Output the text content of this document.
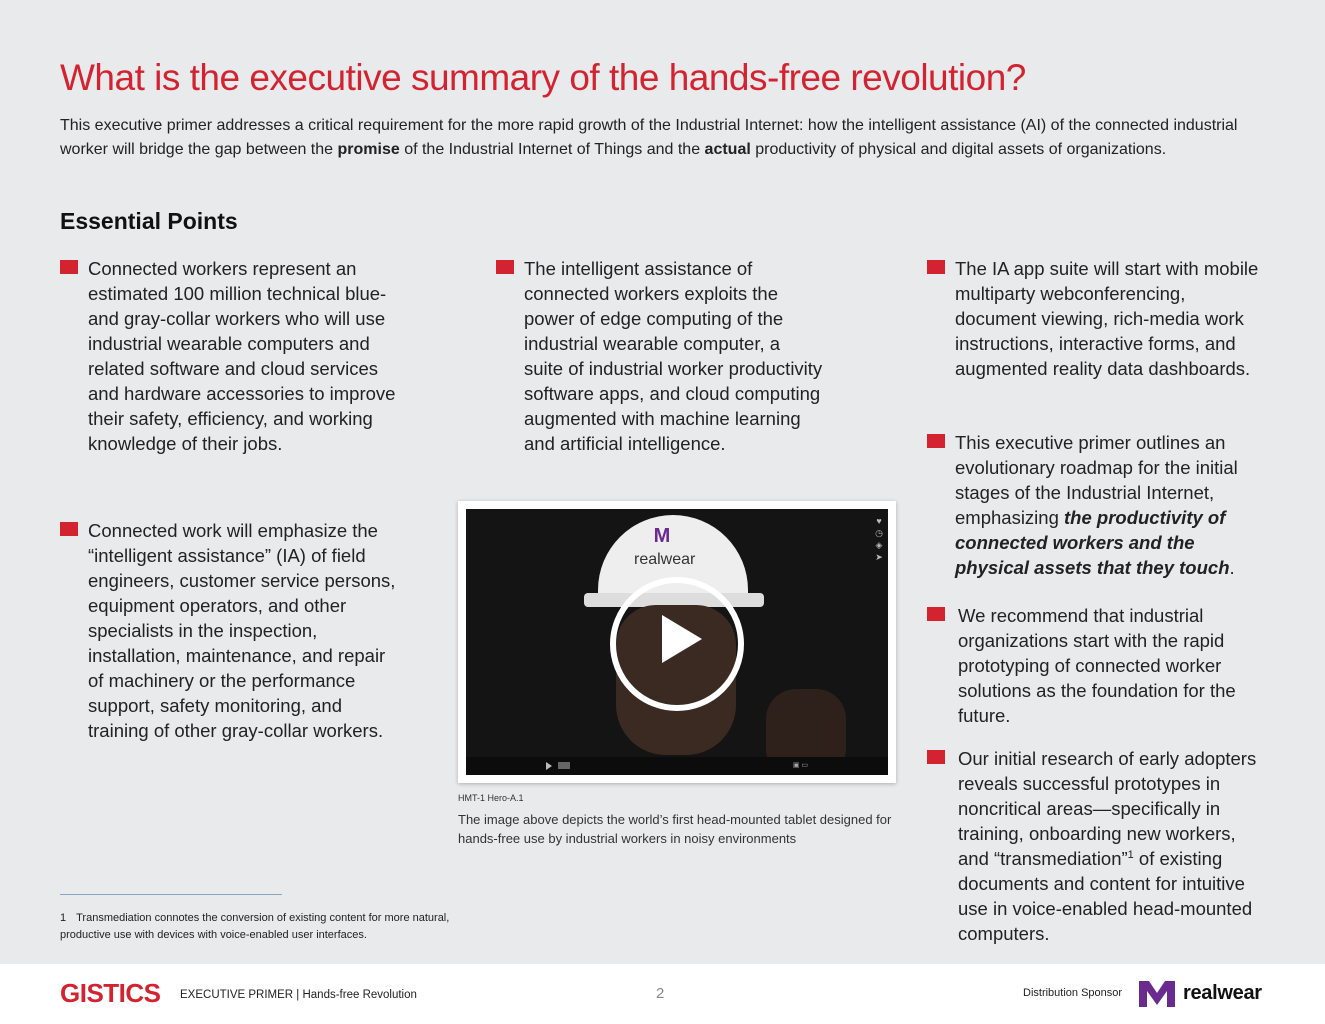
What is the executive summary of the hands-free revolution?
This executive primer addresses a critical requirement for the more rapid growth of the Industrial Internet: how the intelligent assistance (AI) of the connected industrial worker will bridge the gap between the promise of the Industrial Internet of Things and the actual productivity of physical and digital assets of organizations.
Essential Points
Connected workers represent an estimated 100 million technical blue- and gray-collar workers who will use industrial wearable computers and related software and cloud services and hardware accessories to improve their safety, efficiency, and working knowledge of their jobs.
Connected work will emphasize the “intelligent assistance” (IA) of field engineers, customer service persons, equipment operators, and other specialists in the inspection, installation, maintenance, and repair of machinery or the performance support, safety monitoring, and training of other gray-collar workers.
The intelligent assistance of connected workers exploits the power of edge computing of the industrial wearable computer, a suite of industrial worker productivity software apps, and cloud computing augmented with machine learning and artificial intelligence.
The IA app suite will start with mobile multiparty webconferencing, document viewing, rich-media work instructions, interactive forms, and augmented reality data dashboards.
This executive primer outlines an evolutionary roadmap for the initial stages of the Industrial Internet, emphasizing the productivity of connected workers and the physical assets that they touch.
We recommend that industrial organizations start with the rapid prototyping of connected worker solutions as the foundation for the future.
Our initial research of early adopters reveals successful prototypes in noncritical areas—specifically in training, onboarding new workers, and “transmediation”$^1$ of existing documents and content for intuitive use in voice-enabled head-mounted computers.
M
realwear
♥
◷
◈
➤
▣ ▭
HMT-1 Hero-A.1
The image above depicts the world’s first head-mounted tablet designed for hands-free use by industrial workers in noisy environments
1 Transmediation connotes the conversion of existing content for more natural, productive use with devices with voice-enabled user interfaces.
GISTICS EXECUTIVE PRIMER | Hands-free Revolution	2	Distribution Sponsor	realwear
